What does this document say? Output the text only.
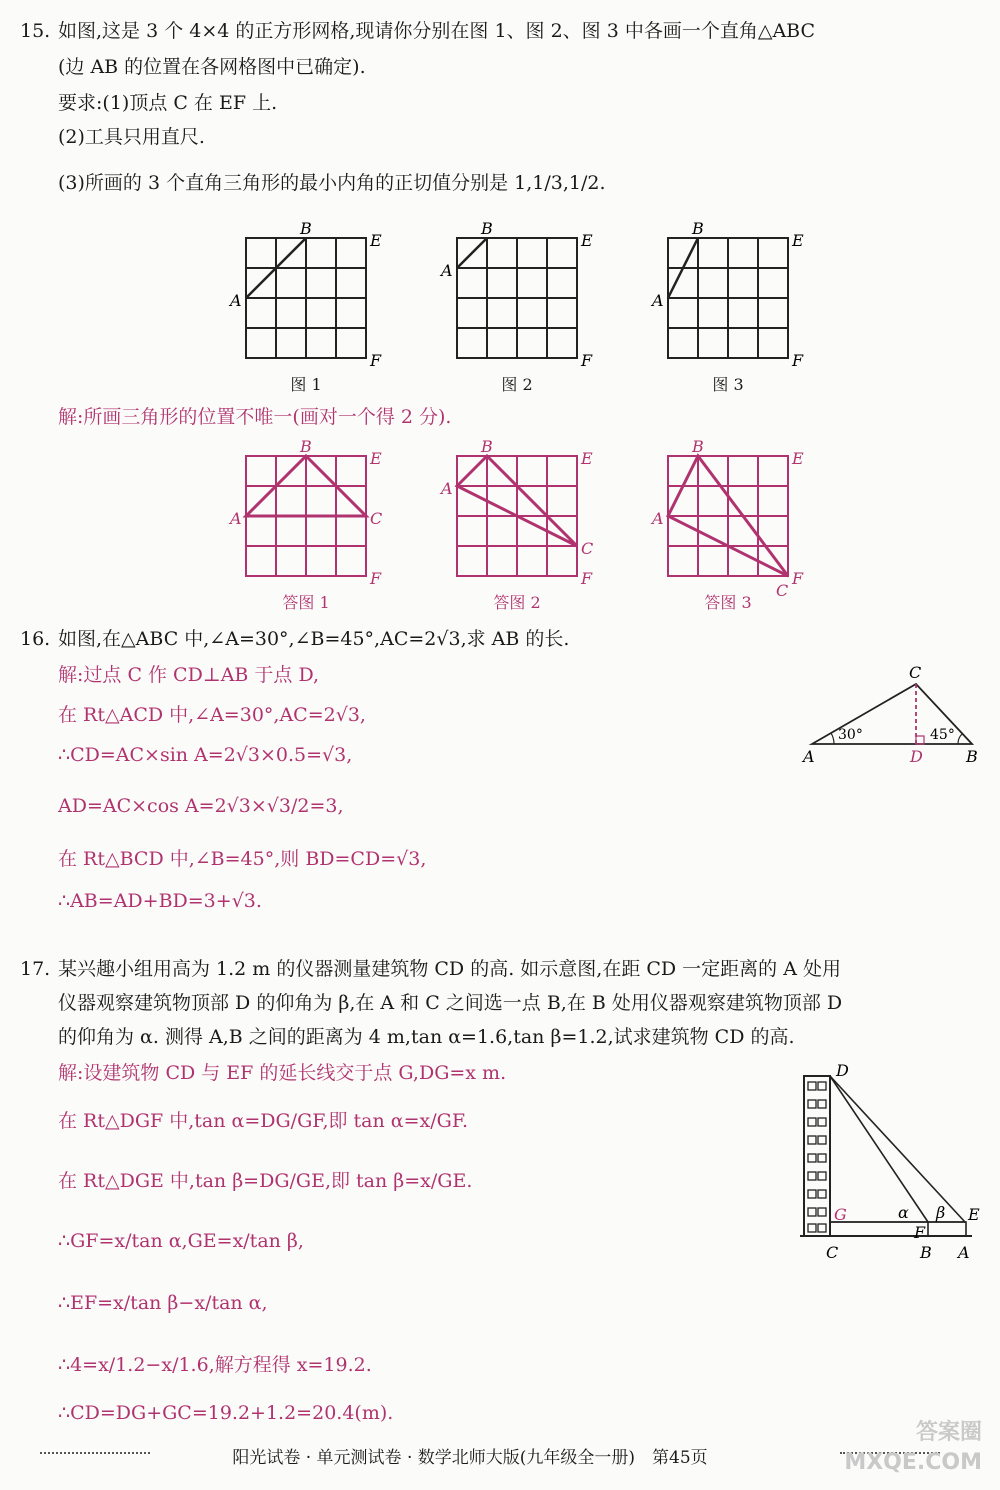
15. 如图,这是 3 个 4×4 的正方形网格,现请你分别在图 1、图 2、图 3 中各画一个直角△ABC
(边 AB 的位置在各网格图中已确定).
要求:(1)顶点 C 在 EF 上.
(2)工具只用直尺.
(3)所画的 3 个直角三角形的最小内角的正切值分别是 1,1/3,1/2.
B
A
E
F
图 1
B
A
E
F
图 2
B
A
E
F
图 3
解:所画三角形的位置不唯一(画对一个得 2 分).
B
A	C
E
F
答图 1
B
A
C
E
F
答图 2
B
A
C
E
F
答图 3
16. 如图,在△ABC 中,∠A=30°,∠B=45°,AC=2√3,求 AB 的长.
解:过点 C 作 CD⊥AB 于点 D,
在 Rt△ACD 中,∠A=30°,AC=2√3,
∴CD=AC×sin A=2√3×0.5=√3,
AD=AC×cos A=2√3×√3/2=3,
在 Rt△BCD 中,∠B=45°,则 BD=CD=√3,
∴AB=AD+BD=3+√3.
C
A	B
D
30°	45°
17. 某兴趣小组用高为 1.2 m 的仪器测量建筑物 CD 的高. 如示意图,在距 CD 一定距离的 A 处用
仪器观察建筑物顶部 D 的仰角为 β,在 A 和 C 之间选一点 B,在 B 处用仪器观察建筑物顶部 D
的仰角为 α. 测得 A,B 之间的距离为 4 m,tan α=1.6,tan β=1.2,试求建筑物 CD 的高.
解:设建筑物 CD 与 EF 的延长线交于点 G,DG=x m.
在 Rt△DGF 中,tan α=DG/GF,即 tan α=x/GF.
在 Rt△DGE 中,tan β=DG/GE,即 tan β=x/GE.
∴GF=x/tan α,GE=x/tan β,
∴EF=x/tan β−x/tan α,
∴4=x/1.2−x/1.6,解方程得 x=19.2.
∴CD=DG+GC=19.2+1.2=20.4(m).
D
G	E
F
C	B A
α β
阳光试卷 · 单元测试卷 · 数学北师大版(九年级全一册)　第45页
答案圈 MXQE.COM
